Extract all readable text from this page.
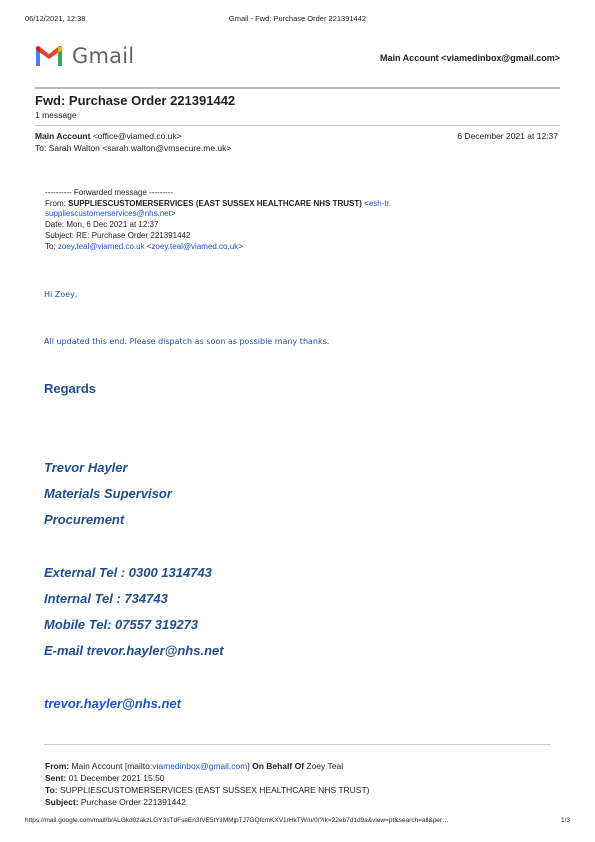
06/12/2021, 12:38	Gmail - Fwd: Purchase Order 221391442
Gmail	Main Account <viamedinbox@gmail.com>
Fwd: Purchase Order 221391442
1 message
Main Account <office@viamed.co.uk>	6 December 2021 at 12:37
To: Sarah Walton <sarah.walton@vmsecure.me.uk>
---------- Forwarded message ---------
From: SUPPLIESCUSTOMERSERVICES (EAST SUSSEX HEALTHCARE NHS TRUST) <esh-tr.
suppliescustomerservices@nhs.net>
Date: Mon, 6 Dec 2021 at 12:37
Subject: RE: Purchase Order 221391442
To: zoey.teal@viamed.co.uk <zoey.teal@viamed.co.uk>
Hi Zoey,
All updated this end. Please dispatch as soon as possible many thanks.
Regards
Trevor Hayler
Materials Supervisor
Procurement
External Tel : 0300 1314743
Internal Tel : 734743
Mobile Tel: 07557 319273
E-mail trevor.hayler@nhs.net
trevor.hayler@nhs.net
From: Main Account [mailto:viamedinbox@gmail.com] On Behalf Of Zoey Teal
Sent: 01 December 2021 15:50
To: SUPPLIESCUSTOMERSERVICES (EAST SUSSEX HEALTHCARE NHS TRUST)
Subject: Purchase Order 221391442
https://mail.google.com/mail/b/ALGkd0zakzLGY3sTdFseEn3tVE5tYiIMMjpTJ7GQfcmKXV1rHkTW/u/0/?ik=22eb7d1d9a&view=pt&search=all&per…	1/3
